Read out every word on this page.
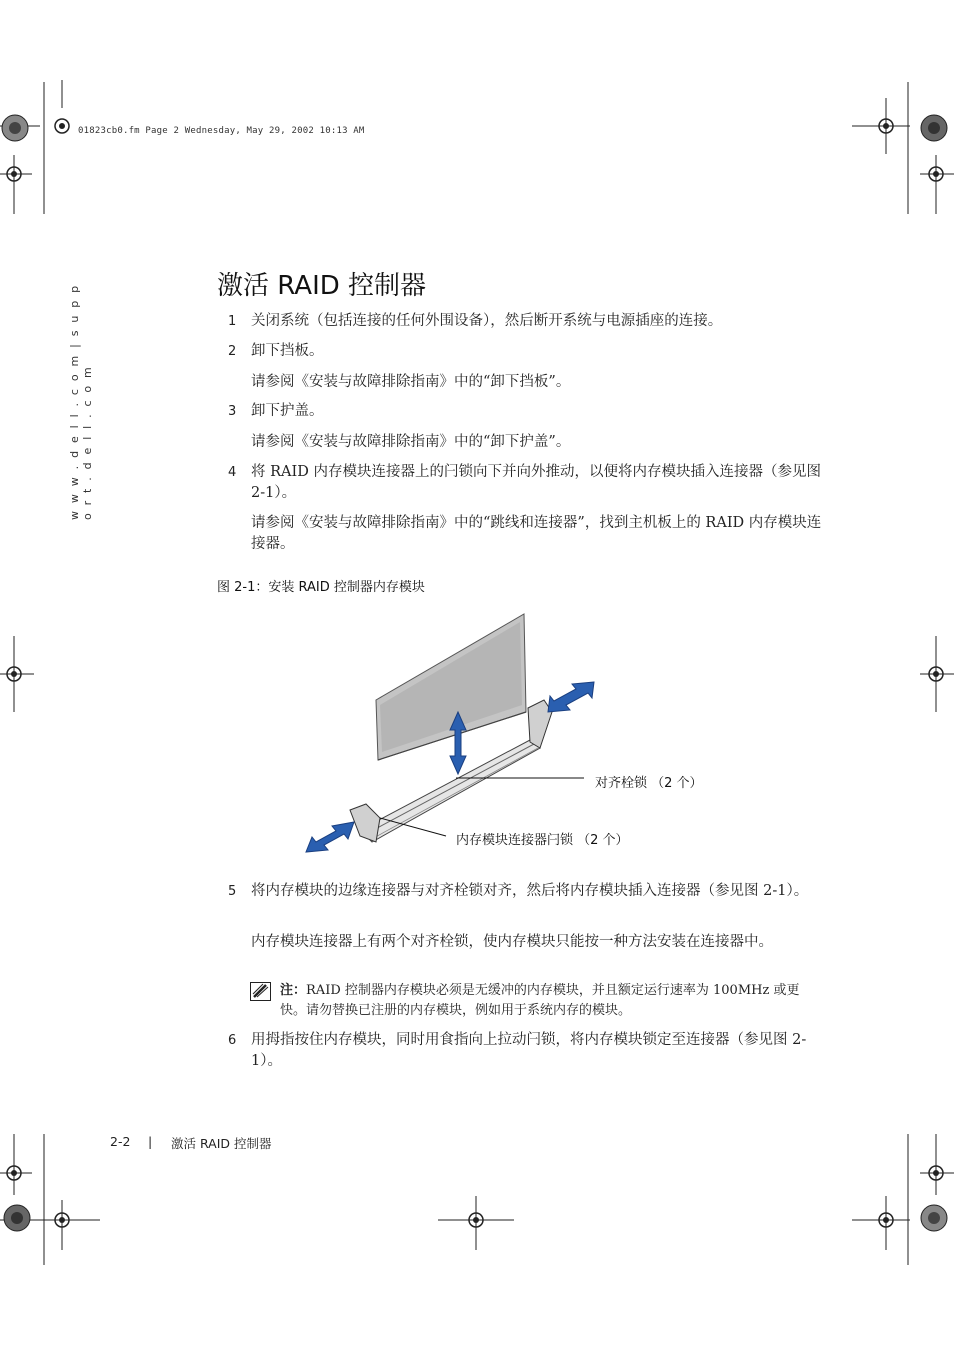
01823cb0.fm Page 2 Wednesday, May 29, 2002 10:13 AM
w w w . d e l l . c o m | s u p p o r t . d e l l . c o m
激活 RAID 控制器
1 关闭系统（包括连接的任何外围设备），然后断开系统与电源插座的连接。
2 卸下挡板。
请参阅《安装与故障排除指南》中的“卸下挡板”。
3 卸下护盖。
请参阅《安装与故障排除指南》中的“卸下护盖”。
4 将 RAID 内存模块连接器上的闩锁向下并向外推动，以便将内存模块插入连接器（参见图 2-1）。
请参阅《安装与故障排除指南》中的“跳线和连接器”，找到主机板上的 RAID 内存模块连接器。
图 2-1：安装 RAID 控制器内存模块
对齐栓锁 （2 个）
内存模块连接器闩锁 （2 个）
5 将内存模块的边缘连接器与对齐栓锁对齐，然后将内存模块插入连接器（参见图 2-1）。
内存模块连接器上有两个对齐栓锁，使内存模块只能按一种方法安装在连接器中。
注：RAID 控制器内存模块必须是无缓冲的内存模块，并且额定运行速率为 100MHz 或更快。请勿替换已注册的内存模块，例如用于系统内存的模块。
6 用拇指按住内存模块，同时用食指向上拉动闩锁，将内存模块锁定至连接器（参见图 2-1）。
2-2 | 激活 RAID 控制器
